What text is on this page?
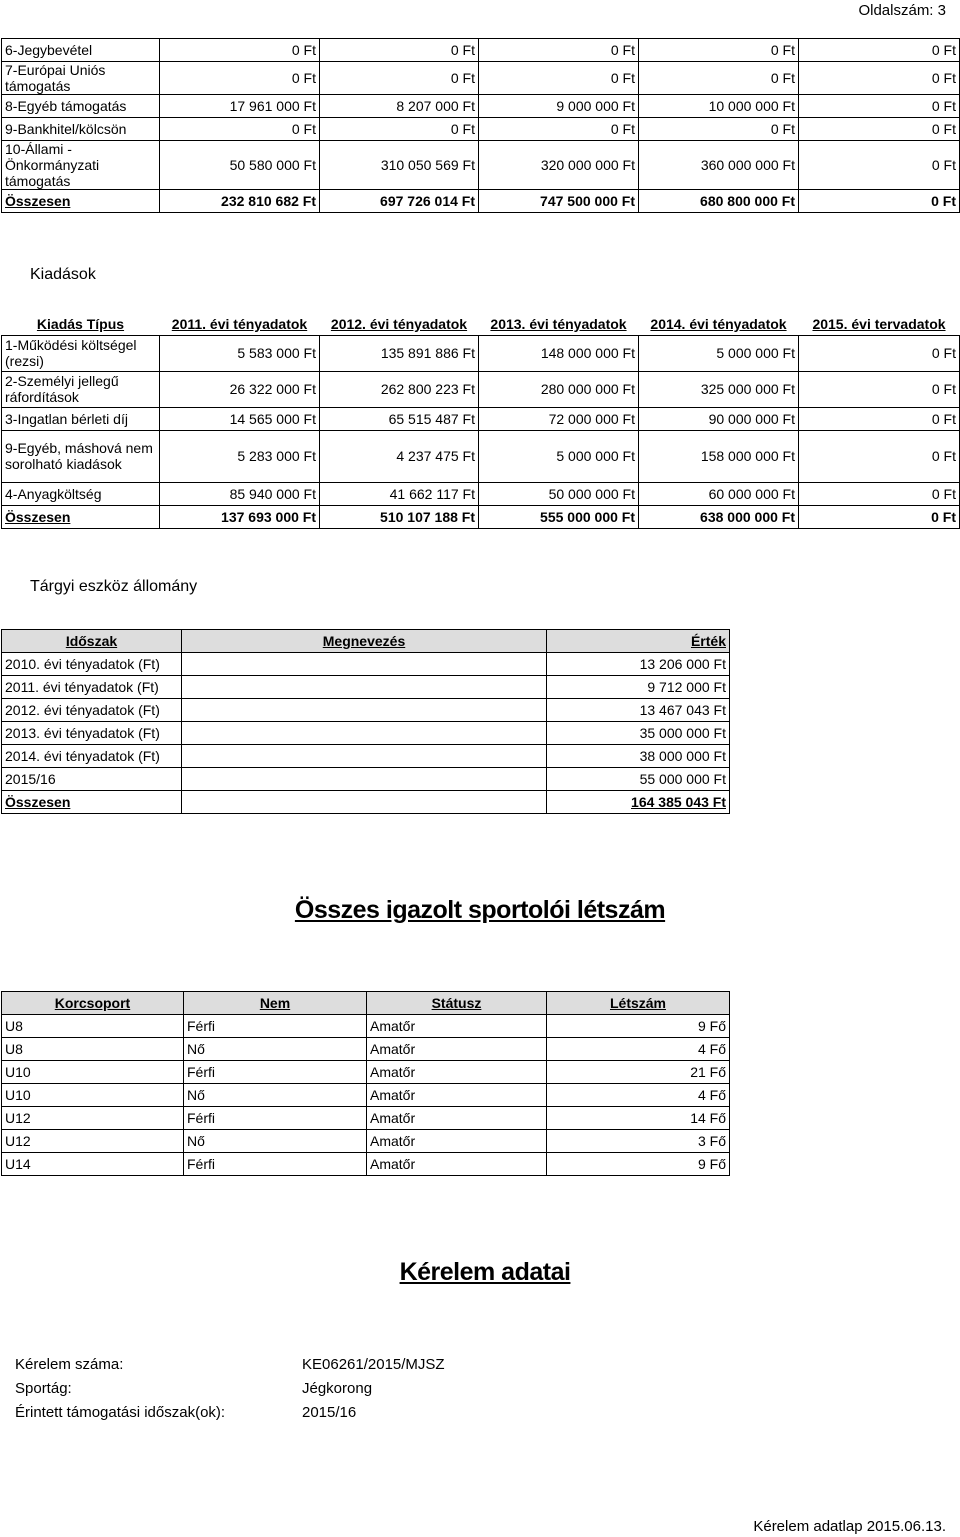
Oldalszám: 3
6-Jegybevétel	0 Ft	0 Ft	0 Ft	0 Ft	0 Ft
7-Európai Uniós támogatás	0 Ft	0 Ft	0 Ft	0 Ft	0 Ft
8-Egyéb támogatás	17 961 000 Ft	8 207 000 Ft	9 000 000 Ft	10 000 000 Ft	0 Ft
9-Bankhitel/kölcsön	0 Ft	0 Ft	0 Ft	0 Ft	0 Ft
10-Állami - Önkormányzati támogatás	50 580 000 Ft	310 050 569 Ft	320 000 000 Ft	360 000 000 Ft	0 Ft
Összesen	232 810 682 Ft	697 726 014 Ft	747 500 000 Ft	680 800 000 Ft	0 Ft
Kiadások
Kiadás Típus	2011. évi tényadatok	2012. évi tényadatok	2013. évi tényadatok	2014. évi tényadatok	2015. évi tervadatok
1-Működési költségel (rezsi)	5 583 000 Ft	135 891 886 Ft	148 000 000 Ft	5 000 000 Ft	0 Ft
2-Személyi jellegű ráfordítások	26 322 000 Ft	262 800 223 Ft	280 000 000 Ft	325 000 000 Ft	0 Ft
3-Ingatlan bérleti díj	14 565 000 Ft	65 515 487 Ft	72 000 000 Ft	90 000 000 Ft	0 Ft
9-Egyéb, máshová nem sorolható kiadások	5 283 000 Ft	4 237 475 Ft	5 000 000 Ft	158 000 000 Ft	0 Ft
4-Anyagköltség	85 940 000 Ft	41 662 117 Ft	50 000 000 Ft	60 000 000 Ft	0 Ft
Összesen	137 693 000 Ft	510 107 188 Ft	555 000 000 Ft	638 000 000 Ft	0 Ft
Tárgyi eszköz állomány
Időszak	Megnevezés	Érték
2010. évi tényadatok (Ft)		13 206 000 Ft
2011. évi tényadatok (Ft)		9 712 000 Ft
2012. évi tényadatok (Ft)		13 467 043 Ft
2013. évi tényadatok (Ft)		35 000 000 Ft
2014. évi tényadatok (Ft)		38 000 000 Ft
2015/16		55 000 000 Ft
Összesen		164 385 043 Ft
Összes igazolt sportolói létszám
Korcsoport	Nem	Státusz	Létszám
U8	Férfi	Amatőr	9 Fő
U8	Nő	Amatőr	4 Fő
U10	Férfi	Amatőr	21 Fő
U10	Nő	Amatőr	4 Fő
U12	Férfi	Amatőr	14 Fő
U12	Nő	Amatőr	3 Fő
U14	Férfi	Amatőr	9 Fő
Kérelem adatai
Kérelem száma:	KE06261/2015/MJSZ
Sportág:	Jégkorong
Érintett támogatási időszak(ok):	2015/16
Kérelem adatlap 2015.06.13.
